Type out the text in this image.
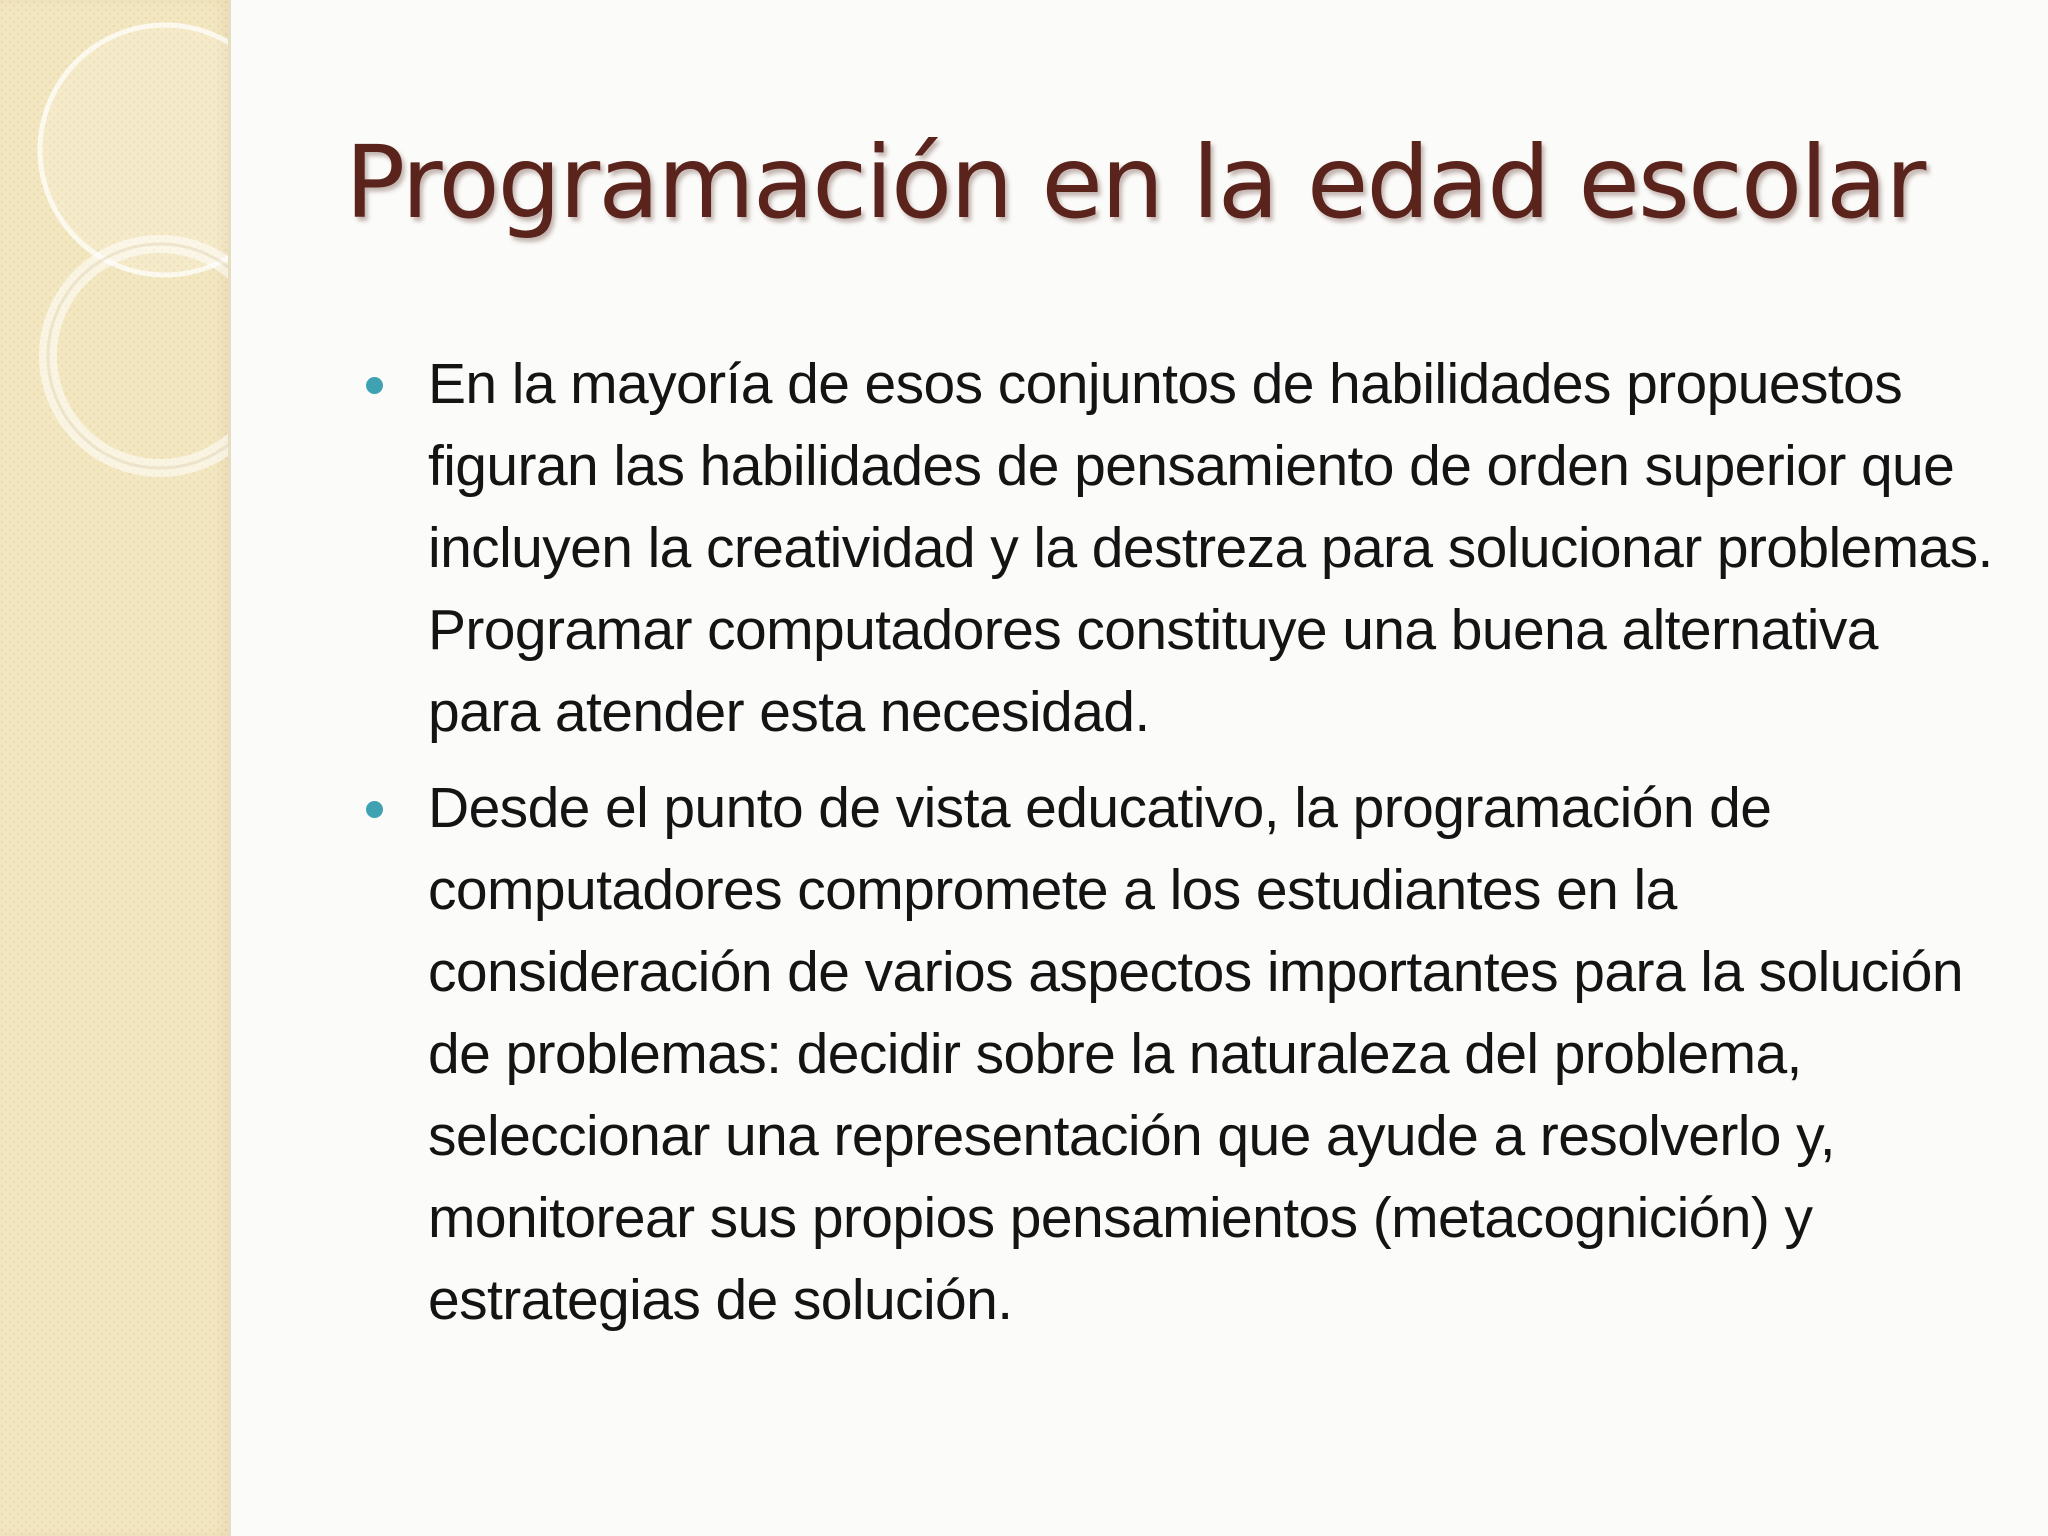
Programación en la edad escolar
En la mayoría de esos conjuntos de habilidades propuestos figuran las habilidades de pensamiento de orden superior que incluyen la creatividad y la destreza para solucionar problemas. Programar computadores constituye una buena alternativa para atender esta necesidad.
Desde el punto de vista educativo, la programación de computadores compromete a los estudiantes en la consideración de varios aspectos importantes para la solución de problemas: decidir sobre la naturaleza del problema, seleccionar una representación que ayude a resolverlo y, monitorear sus propios pensamientos (metacognición) y estrategias de solución.
